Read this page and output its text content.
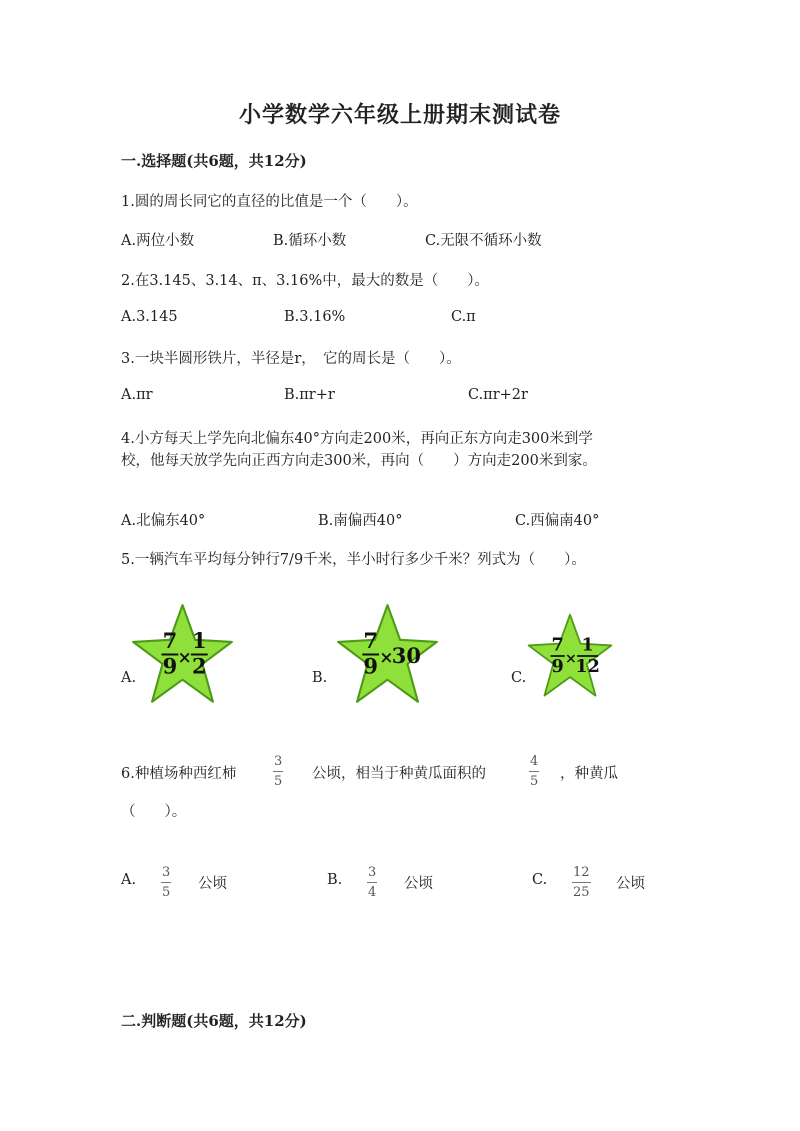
小学数学六年级上册期末测试卷
一.选择题(共6题，共12分)
1.圆的周长同它的直径的比值是一个（　　）。
A.两位小数	B.循环小数	C.无限不循环小数
2.在3.145、3.14、π、3.16%中，最大的数是（　　）。
A.3.145	B.3.16%	C.π
3.一块半圆形铁片，半径是r，　它的周长是（　　）。
A.πr	B.πr+r	C.πr+2r
4.小方每天上学先向北偏东40°方向走200米，再向正东方向走300米到学
校，他每天放学先向正西方向走300米，再向（　　）方向走200米到家。
A.北偏东40°	B.南偏西40°	C.西偏南40°
5.一辆汽车平均每分钟行7/9千米，半小时行多少千米？列式为（　　）。
A.
7
9 ×
1
2	B.
7
9 ×
30
C.
7
9 ×
1
12
6.种植场种西红柿
3
5 公顷，相当于种黄瓜面积的
4
5 ，种黄瓜
（　　）。
A. 3
5
公顷	B. 3
4
公顷	C. 12
25
公顷
二.判断题(共6题，共12分)
